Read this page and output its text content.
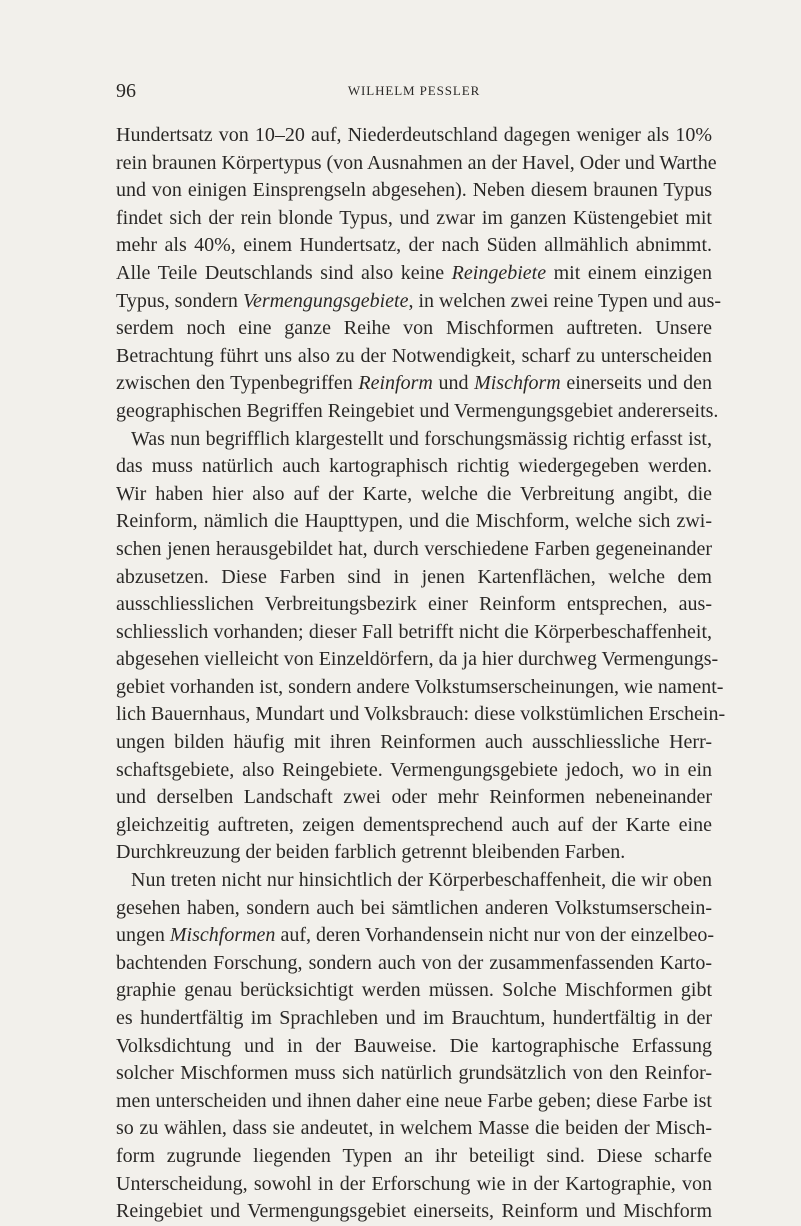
96	WILHELM PESSLER
Hundertsatz von 10–20 auf, Niederdeutschland dagegen weniger als 10%
rein braunen Körpertypus (von Ausnahmen an der Havel, Oder und Warthe
und von einigen Einsprengseln abgesehen). Neben diesem braunen Typus
findet sich der rein blonde Typus, und zwar im ganzen Küstengebiet mit
mehr als 40%, einem Hundertsatz, der nach Süden allmählich abnimmt.
Alle Teile Deutschlands sind also keine Reingebiete mit einem einzigen
Typus, sondern Vermengungsgebiete, in welchen zwei reine Typen und aus-
serdem noch eine ganze Reihe von Mischformen auftreten. Unsere
Betrachtung führt uns also zu der Notwendigkeit, scharf zu unterscheiden
zwischen den Typenbegriffen Reinform und Mischform einerseits und den
geographischen Begriffen Reingebiet und Vermengungsgebiet andererseits.
Was nun begrifflich klargestellt und forschungsmässig richtig erfasst ist,
das muss natürlich auch kartographisch richtig wiedergegeben werden.
Wir haben hier also auf der Karte, welche die Verbreitung angibt, die
Reinform, nämlich die Haupttypen, und die Mischform, welche sich zwi-
schen jenen herausgebildet hat, durch verschiedene Farben gegeneinander
abzusetzen. Diese Farben sind in jenen Kartenflächen, welche dem
ausschliesslichen Verbreitungsbezirk einer Reinform entsprechen, aus-
schliesslich vorhanden; dieser Fall betrifft nicht die Körperbeschaffenheit,
abgesehen vielleicht von Einzeldörfern, da ja hier durchweg Vermengungs-
gebiet vorhanden ist, sondern andere Volkstumserscheinungen, wie nament-
lich Bauernhaus, Mundart und Volksbrauch: diese volkstümlichen Erschein-
ungen bilden häufig mit ihren Reinformen auch ausschliessliche Herr-
schaftsgebiete, also Reingebiete. Vermengungsgebiete jedoch, wo in ein
und derselben Landschaft zwei oder mehr Reinformen nebeneinander
gleichzeitig auftreten, zeigen dementsprechend auch auf der Karte eine
Durchkreuzung der beiden farblich getrennt bleibenden Farben.
Nun treten nicht nur hinsichtlich der Körperbeschaffenheit, die wir oben
gesehen haben, sondern auch bei sämtlichen anderen Volkstumserschein-
ungen Mischformen auf, deren Vorhandensein nicht nur von der einzelbeo-
bachtenden Forschung, sondern auch von der zusammenfassenden Karto-
graphie genau berücksichtigt werden müssen. Solche Mischformen gibt
es hundertfältig im Sprachleben und im Brauchtum, hundertfältig in der
Volksdichtung und in der Bauweise. Die kartographische Erfassung
solcher Mischformen muss sich natürlich grundsätzlich von den Reinfor-
men unterscheiden und ihnen daher eine neue Farbe geben; diese Farbe ist
so zu wählen, dass sie andeutet, in welchem Masse die beiden der Misch-
form zugrunde liegenden Typen an ihr beteiligt sind. Diese scharfe
Unterscheidung, sowohl in der Erforschung wie in der Kartographie, von
Reingebiet und Vermengungsgebiet einerseits, Reinform und Mischform
